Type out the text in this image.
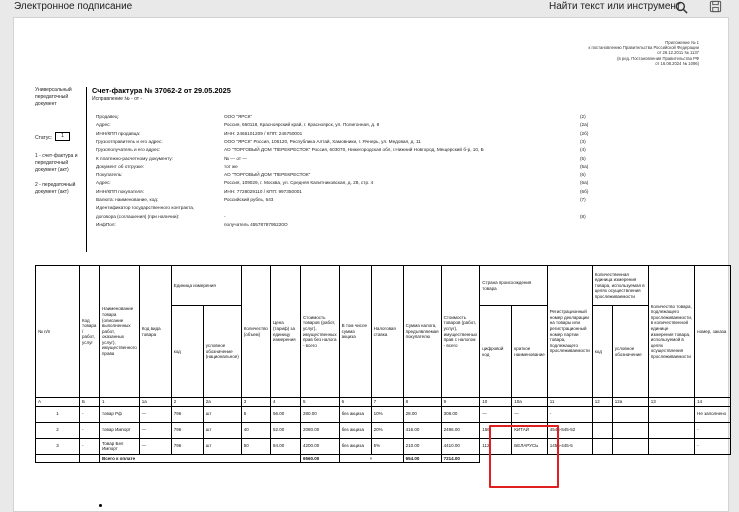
Электронное подписание	Найти текст или инструмент
Приложение № 1
к постановлению Правительства Российской Федерации
от 26.12.2011 № 1137
(в ред. Постановления Правительства РФ
от 16.08.2024 № 1096)
Универсальный передаточный документ
Статус:	1
1 - счет-фактура и передаточный документ (акт)
2 - передаточный документ (акт)
Счет-фактура № 37062-2 от 29.05.2025
Исправление № - от -
Продавец:	ООО "ЯРСК"	(2)
Адрес:	Россия, 660118, Красноярский край, г. Красноярск, ул. Полигонная, д. 8	(2а)
ИНН/КПП продавца:	ИНН: 2466101209 / КПП: 246750001	(2б)
Грузоотправитель и его адрес:	ООО "ЯРСК" Россия, 106120, Республика Алтай, Хамовники, г. Ячнерь, ул. Медовая, д. 11	(3)
Грузополучатель и его адрес:	АО "ТОРГОВЫЙ ДОМ "ПЕРЕКРЕСТОК" Россия, 603070, Нижегородская обл, г.Нижний Новгород, Мещерский б-р, 10, Б	(4)
К платежно-расчетному документу:	№ — от —	(5)
Документ об отгрузке:	тот же	(5а)
Покупатель:	АО "ТОРГОВЫЙ ДОМ "ПЕРЕКРЕСТОК"	(6)
Адрес:	Россия, 109029, г. Москва, ул. Средняя Калитниковская, д. 28, стр. 4	(6а)
ИНН/КПП покупателя:	ИНН: 7728029110 / КПП: 997350001	(6б)
Валюта: наименование, код:	Российский рубль, 643	(7)
Идентификатор государственного контракта,
договора (соглашения) (при наличии):	-	(8)
ИнфПол:	получатель 4557878795220О
№ п/п	Код товара / работ, услуг	Наименование товара (описание выполненных работ, оказанных услуг), имущественного права	Код вида товара	Единица измерения		Количество (объем)	Цена (тариф) за единицу измерения	Стоимость товаров (работ, услуг), имущественных прав без налога - всего	В том числе сумма акциза	Налоговая ставка	Сумма налога, предъявляемая покупателю	Стоимость товаров (работ, услуг), имущественных прав с налогом - всего	Страна происхождения товара		Регистрационный номер декларации на товары или регистрационный номер партии товара, подлежащего прослеживаемости	Количественная единица измерения товара, используемая в целях осуществления прослеживаемости		Количество товара, подлежащего прослеживаемости, в количественной единице измерения товара, используемой в целях осуществления прослеживаемости	номер, заказа
				код	условное обозначение (национальное)								цифровой код	краткое наименование		код	условное обозначение		
А	Б	1	1а	2	2а	3	4	5	6	7	8	9	10	10а	11	12	12а	13	14
1	-	товар Рф	—	796	шт	5	56.00	280.00	без акциза	10%	28.00	308.00	—	—	-				Не заполнено
2	-	товар Импорт	—	796	шт	40	52.00	2080.00	без акциза	20%	416.00	2496.00	156	КИТАЙ	4545-545-52				-
3	-	Товар Бел Импорт	—	796	шт	50	84.00	4200.00	без акциза	5%	210.00	4410.00	112	БЕЛАРУСЬ	1455-445-5				-
		Всего к оплате						6560.00	×		654.00	7214.00							
